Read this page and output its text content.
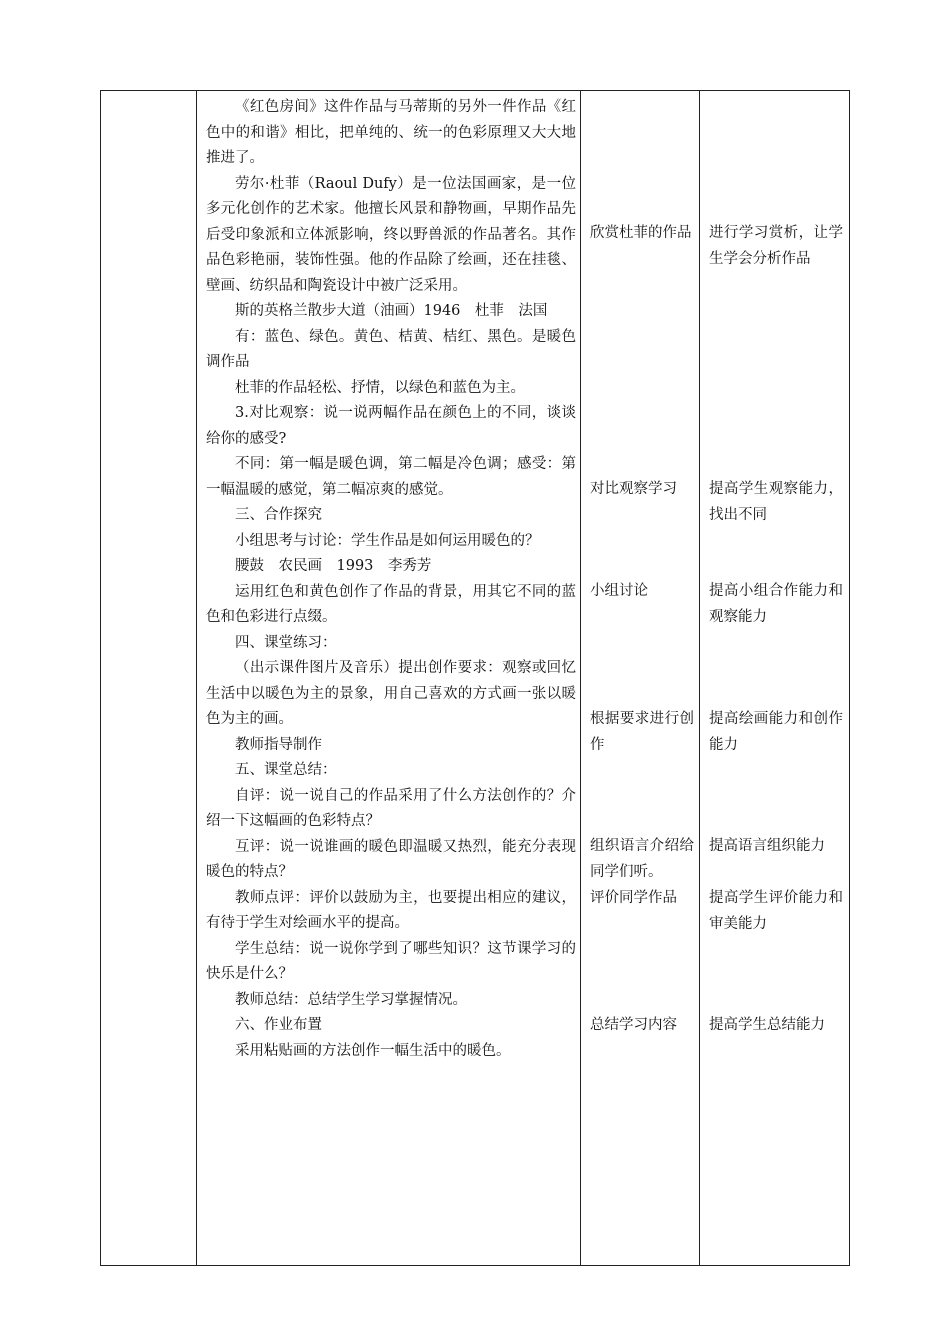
《红色房间》这件作品与马蒂斯的另外一件作品《红色中的和谐》相比，把单纯的、统一的色彩原理又大大地推进了。

劳尔·杜菲（Raoul Dufy）是一位法国画家，是一位多元化创作的艺术家。他擅长风景和静物画，早期作品先后受印象派和立体派影响，终以野兽派的作品著名。其作品色彩艳丽，装饰性强。他的作品除了绘画，还在挂毯、壁画、纺织品和陶瓷设计中被广泛采用。

斯的英格兰散步大道（油画）1946　杜菲　法国

有：蓝色、绿色。黄色、桔黄、桔红、黑色。是暖色调作品

杜菲的作品轻松、抒情，以绿色和蓝色为主。

3.对比观察：说一说两幅作品在颜色上的不同，谈谈给你的感受?

不同：第一幅是暖色调，第二幅是冷色调；感受：第一幅温暖的感觉，第二幅凉爽的感觉。

三、合作探究

小组思考与讨论：学生作品是如何运用暖色的？

腰鼓　农民画　1993　李秀芳

运用红色和黄色创作了作品的背景，用其它不同的蓝色和色彩进行点缀。

四、课堂练习：

（出示课件图片及音乐）提出创作要求：观察或回忆生活中以暖色为主的景象，用自己喜欢的方式画一张以暖色为主的画。

教师指导制作

五、课堂总结：

自评：说一说自己的作品采用了什么方法创作的？介绍一下这幅画的色彩特点？

互评：说一说谁画的暖色即温暖又热烈，能充分表现暖色的特点？

教师点评：评价以鼓励为主，也要提出相应的建议，有待于学生对绘画水平的提高。

学生总结：说一说你学到了哪些知识？这节课学习的快乐是什么？

教师总结：总结学生学习掌握情况。

六、作业布置

采用粘贴画的方法创作一幅生活中的暖色。

欣赏杜菲的作品

对比观察学习

小组讨论

根据要求进行创作

组织语言介绍给同学们听。

评价同学作品

总结学习内容

进行学习赏析，让学生学会分析作品

提高学生观察能力，找出不同

提高小组合作能力和观察能力

提高绘画能力和创作能力

提高语言组织能力

提高学生评价能力和审美能力

提高学生总结能力
